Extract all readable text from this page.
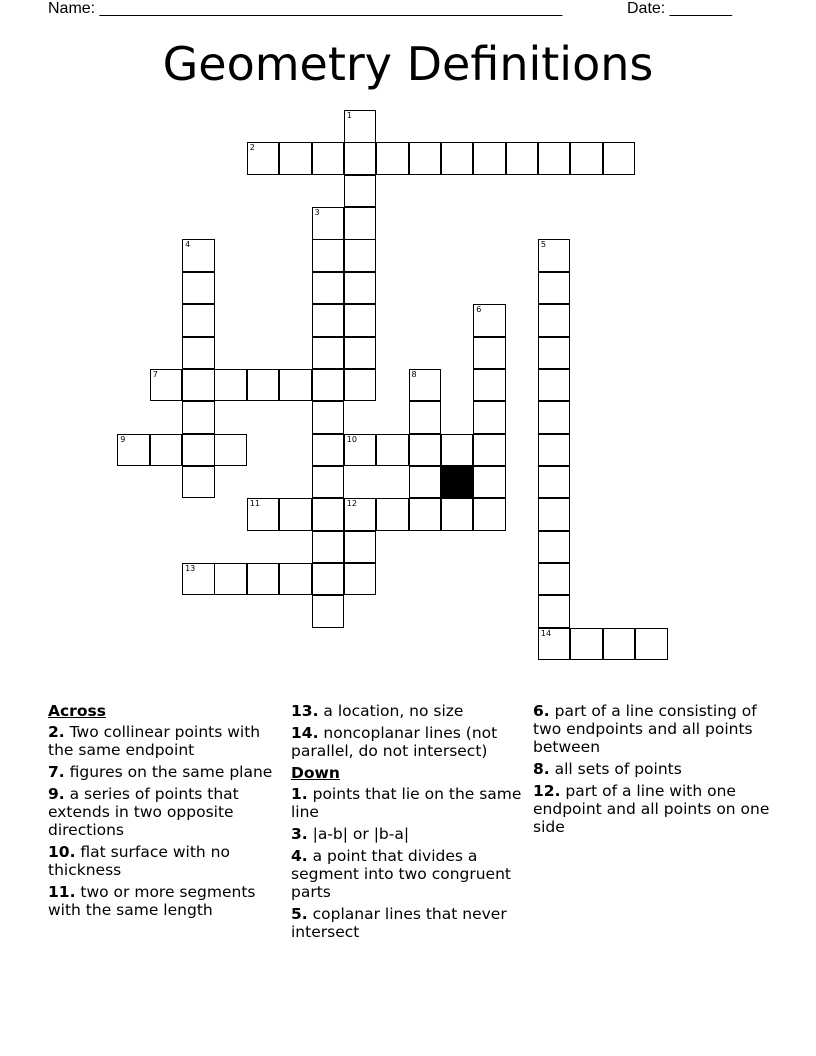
Name: ____________________________________________________	Date: _______
Geometry Definitions
1
2
3
4	5
6
7	8
9	10
11	12
13
14
Across
2. Two collinear points with the same endpoint
7. figures on the same plane
9. a series of points that extends in two opposite directions
10. flat surface with no thickness
11. two or more segments with the same length
13. a location, no size
14. noncoplanar lines (not parallel, do not intersect)
Down
1. points that lie on the same line
3. |a-b| or |b-a|
4. a point that divides a segment into two congruent parts
5. coplanar lines that never intersect
6. part of a line consisting of two endpoints and all points between
8. all sets of points
12. part of a line with one endpoint and all points on one side
